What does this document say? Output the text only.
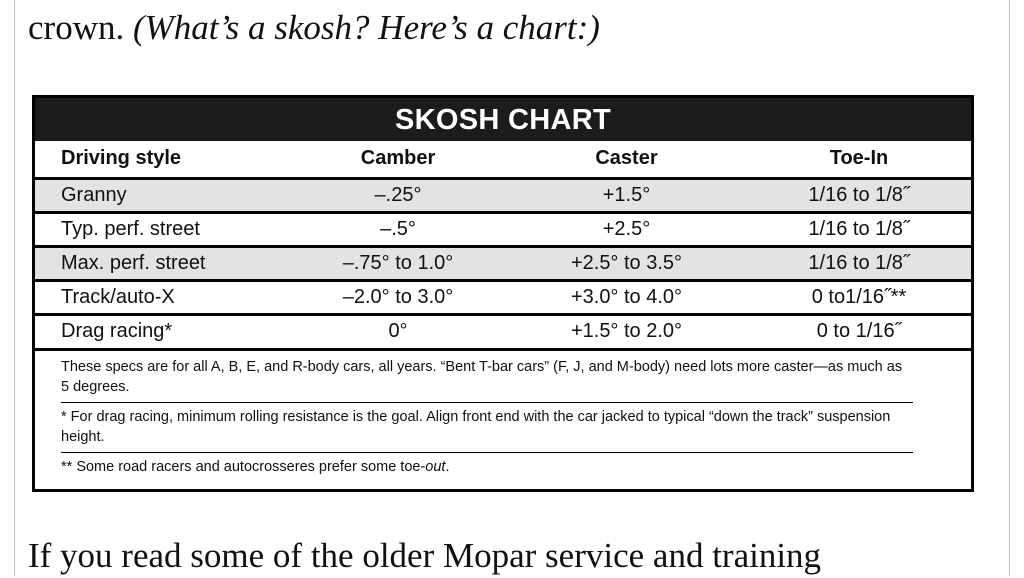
crown. (What’s a skosh? Here’s a chart:)
SKOSH CHART
Driving style	Camber	Caster	Toe-In
Granny	–.25°	+1.5°	1/16 to 1/8˝
Typ. perf. street	–.5°	+2.5°	1/16 to 1/8˝
Max. perf. street	–.75° to 1.0°	+2.5° to 3.5°	1/16 to 1/8˝
Track/auto-X	–2.0° to 3.0°	+3.0° to 4.0°	0 to1/16˝**
Drag racing*	0°	+1.5° to 2.0°	0 to 1/16˝
These specs are for all A, B, E, and R-body cars, all years. “Bent T-bar cars” (F, J, and M-body) need lots more caster—as much as 5 degrees.
* For drag racing, minimum rolling resistance is the goal. Align front end with the car jacked to typical “down the track” suspension height.
** Some road racers and autocrosseres prefer some toe-out.
If you read some of the older Mopar service and training
